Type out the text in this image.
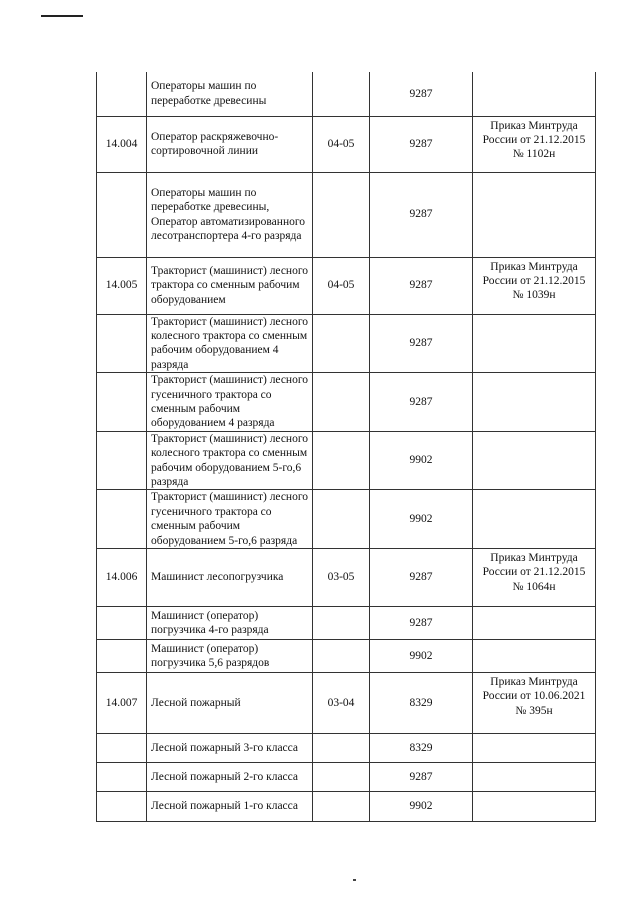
	Операторы машин по переработке древесины		9287	
14.004	Оператор раскряжевочно-сортировочной линии	04-05	9287	Приказ Минтруда России от 21.12.2015 № 1102н
	Операторы машин по переработке древесины, Оператор автоматизированного лесотранспортера 4-го разряда		9287	
14.005	Тракторист (машинист) лесного трактора со сменным рабочим оборудованием	04-05	9287	Приказ Минтруда России от 21.12.2015 № 1039н
	Тракторист (машинист) лесного колесного трактора со сменным рабочим оборудованием 4 разряда		9287	
	Тракторист (машинист) лесного гусеничного трактора со сменным рабочим оборудованием 4 разряда		9287	
	Тракторист (машинист) лесного колесного трактора со сменным рабочим оборудованием 5-го,6 разряда		9902	
	Тракторист (машинист) лесного гусеничного трактора со сменным рабочим оборудованием 5-го,6 разряда		9902	
14.006	Машинист лесопогрузчика	03-05	9287	Приказ Минтруда России от 21.12.2015 № 1064н
	Машинист (оператор) погрузчика 4-го разряда		9287	
	Машинист (оператор) погрузчика 5,6 разрядов		9902	
14.007	Лесной пожарный	03-04	8329	Приказ Минтруда России от 10.06.2021 № 395н
	Лесной пожарный 3-го класса		8329	
	Лесной пожарный 2-го класса		9287	
	Лесной пожарный 1-го класса		9902	
